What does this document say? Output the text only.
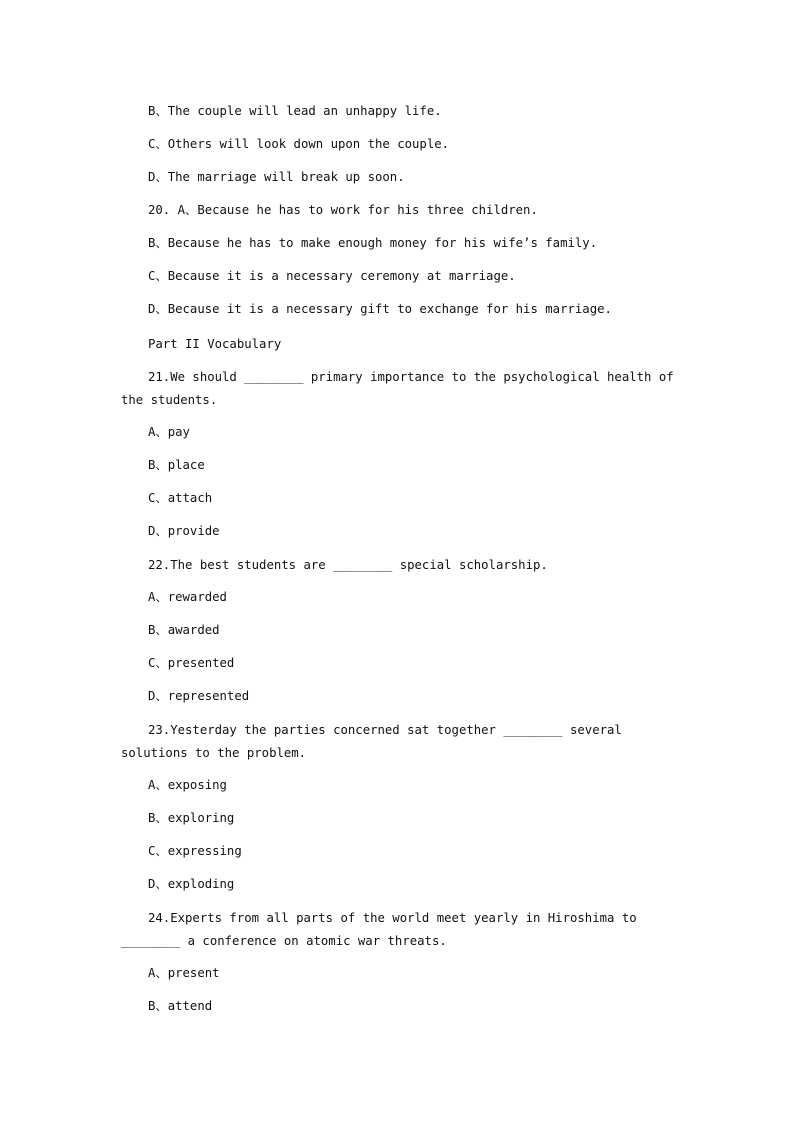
B、The couple will lead an unhappy life.
C、Others will look down upon the couple.
D、The marriage will break up soon.
20. A、Because he has to work for his three children.
B、Because he has to make enough money for his wife’s family.
C、Because it is a necessary ceremony at marriage.
D、Because it is a necessary gift to exchange for his marriage.
Part II Vocabulary
21.We should ________ primary importance to the psychological health of
the students.
A、pay
B、place
C、attach
D、provide
22.The best students are ________ special scholarship.
A、rewarded
B、awarded
C、presented
D、represented
23.Yesterday the parties concerned sat together ________ several
solutions to the problem.
A、exposing
B、exploring
C、expressing
D、exploding
24.Experts from all parts of the world meet yearly in Hiroshima to
________ a conference on atomic war threats.
A、present
B、attend
